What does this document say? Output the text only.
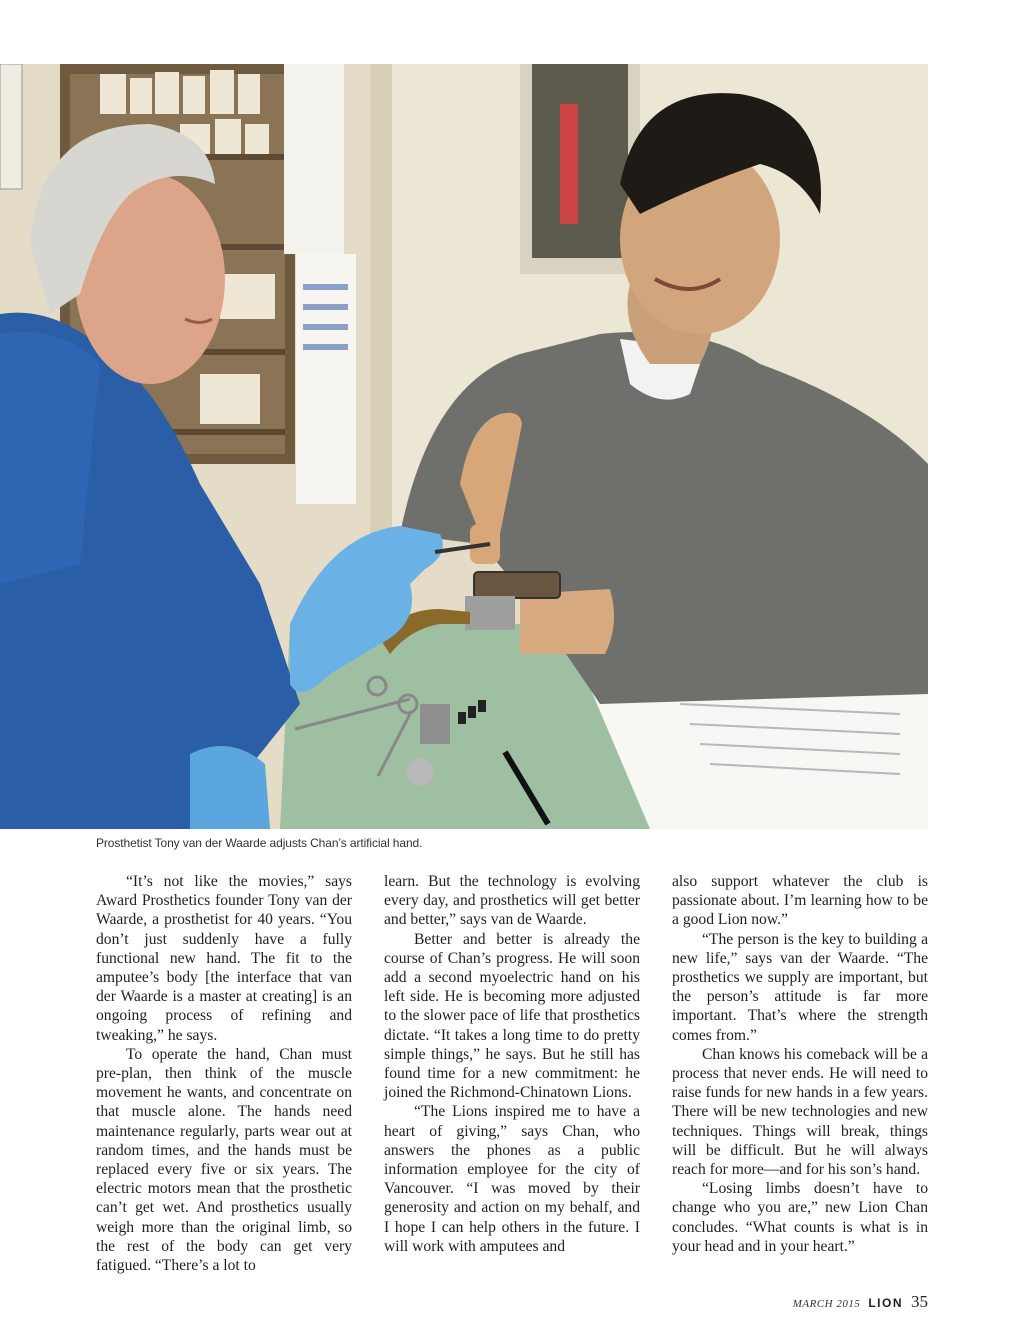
Prosthetist Tony van der Waarde adjusts Chan’s artificial hand.

“It’s not like the movies,” says Award Prosthetics founder Tony van der Waarde, a prosthetist for 40 years. “You don’t just suddenly have a fully functional new hand. The fit to the amputee’s body [the interface that van der Waarde is a master at creating] is an ongoing process of refining and tweaking,” he says.

To operate the hand, Chan must pre-plan, then think of the muscle movement he wants, and concentrate on that muscle alone. The hands need maintenance regularly, parts wear out at random times, and the hands must be replaced every five or six years. The electric motors mean that the prosthetic can’t get wet. And prosthetics usually weigh more than the original limb, so the rest of the body can get very fatigued. “There’s a lot to

learn. But the technology is evolving every day, and prosthetics will get better and better,” says van de Waarde.

Better and better is already the course of Chan’s progress. He will soon add a second myoelectric hand on his left side. He is becoming more adjusted to the slower pace of life that prosthetics dictate. “It takes a long time to do pretty simple things,” he says. But he still has found time for a new commitment: he joined the Richmond-Chinatown Lions.

“The Lions inspired me to have a heart of giving,” says Chan, who answers the phones as a public information employee for the city of Vancouver. “I was moved by their generosity and action on my behalf, and I hope I can help others in the future. I will work with amputees and

also support whatever the club is passionate about. I’m learning how to be a good Lion now.”

“The person is the key to building a new life,” says van der Waarde. “The prosthetics we supply are important, but the person’s attitude is far more important. That’s where the strength comes from.”

Chan knows his comeback will be a process that never ends. He will need to raise funds for new hands in a few years. There will be new technologies and new techniques. Things will break, things will be difficult. But he will always reach for more—and for his son’s hand.

“Losing limbs doesn’t have to change who you are,” new Lion Chan concludes. “What counts is what is in your head and in your heart.”

MARCH 2015 LION 35
